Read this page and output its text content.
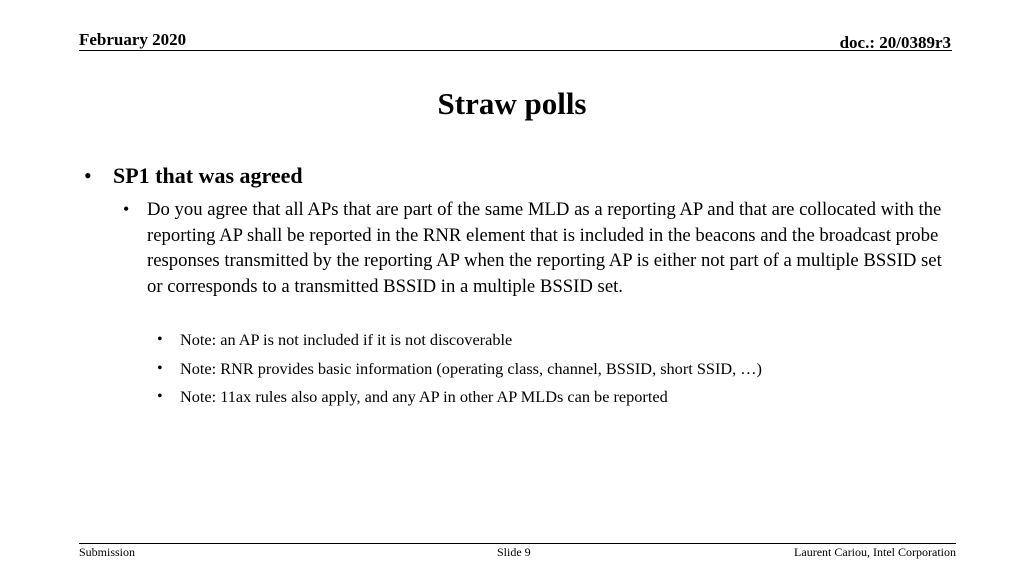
February 2020	doc.: 20/0389r3
Straw polls
• SP1 that was agreed
• Do you agree that all APs that are part of the same MLD as a reporting AP and that are collocated with the reporting AP shall be reported in the RNR element that is included in the beacons and the broadcast probe responses transmitted by the reporting AP when the reporting AP is either not part of a multiple BSSID set or corresponds to a transmitted BSSID in a multiple BSSID set.
• Note: an AP is not included if it is not discoverable
• Note: RNR provides basic information (operating class, channel, BSSID, short SSID, …)
• Note: 11ax rules also apply, and any AP in other AP MLDs can be reported
Submission	Slide 9	Laurent Cariou, Intel Corporation
